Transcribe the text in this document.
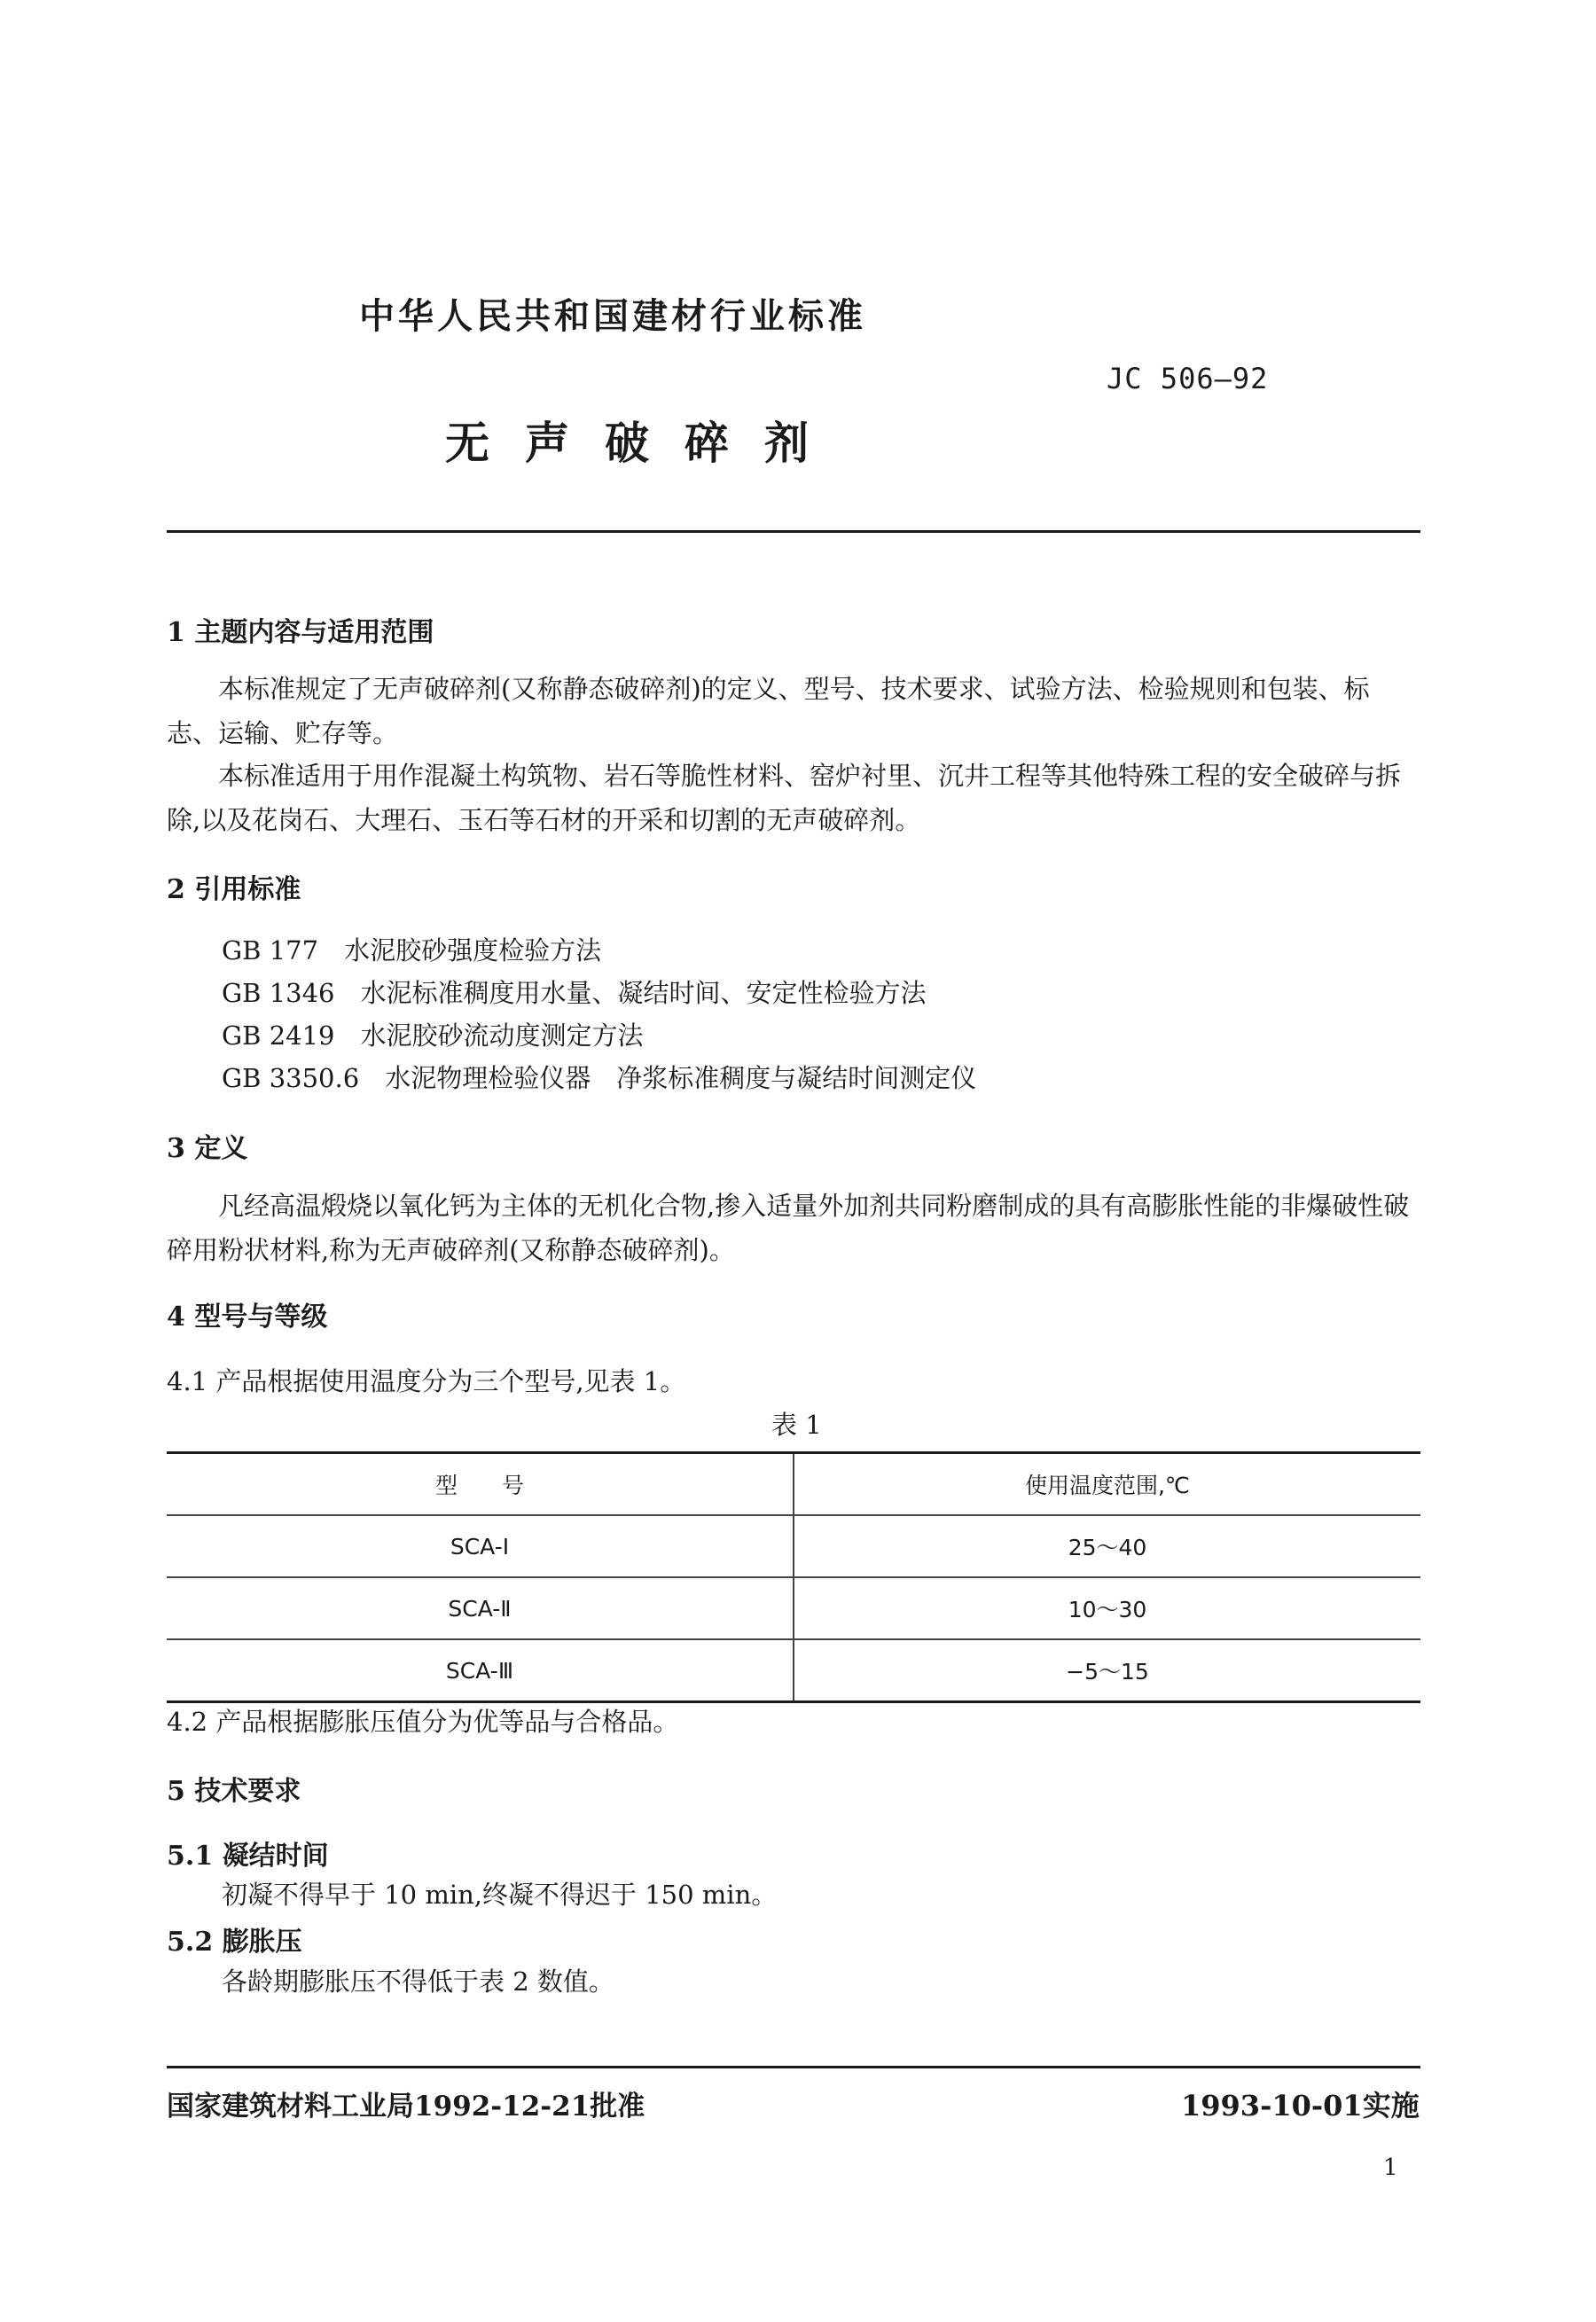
中华人民共和国建材行业标准
JC 506—92
无声破碎剂
1 主题内容与适用范围
本标准规定了无声破碎剂(又称静态破碎剂)的定义、型号、技术要求、试验方法、检验规则和包装、标志、运输、贮存等。
本标准适用于用作混凝土构筑物、岩石等脆性材料、窑炉衬里、沉井工程等其他特殊工程的安全破碎与拆除,以及花岗石、大理石、玉石等石材的开采和切割的无声破碎剂。
2 引用标准
GB 177　 水泥胶砂强度检验方法
GB 1346　 水泥标准稠度用水量、凝结时间、安定性检验方法
GB 2419　 水泥胶砂流动度测定方法
GB 3350.6　 水泥物理检验仪器　净浆标准稠度与凝结时间测定仪
3 定义
凡经高温煅烧以氧化钙为主体的无机化合物,掺入适量外加剂共同粉磨制成的具有高膨胀性能的非爆破性破碎用粉状材料,称为无声破碎剂(又称静态破碎剂)。
4 型号与等级
4.1 产品根据使用温度分为三个型号,见表 1。
表 1
型　　号	使用温度范围,℃
SCA-Ⅰ	25～40
SCA-Ⅱ	10～30
SCA-Ⅲ	−5～15
4.2 产品根据膨胀压值分为优等品与合格品。
5 技术要求
5.1 凝结时间
初凝不得早于 10 min,终凝不得迟于 150 min。
5.2 膨胀压
各龄期膨胀压不得低于表 2 数值。
国家建筑材料工业局1992-12-21批准	1993-10-01实施
1
